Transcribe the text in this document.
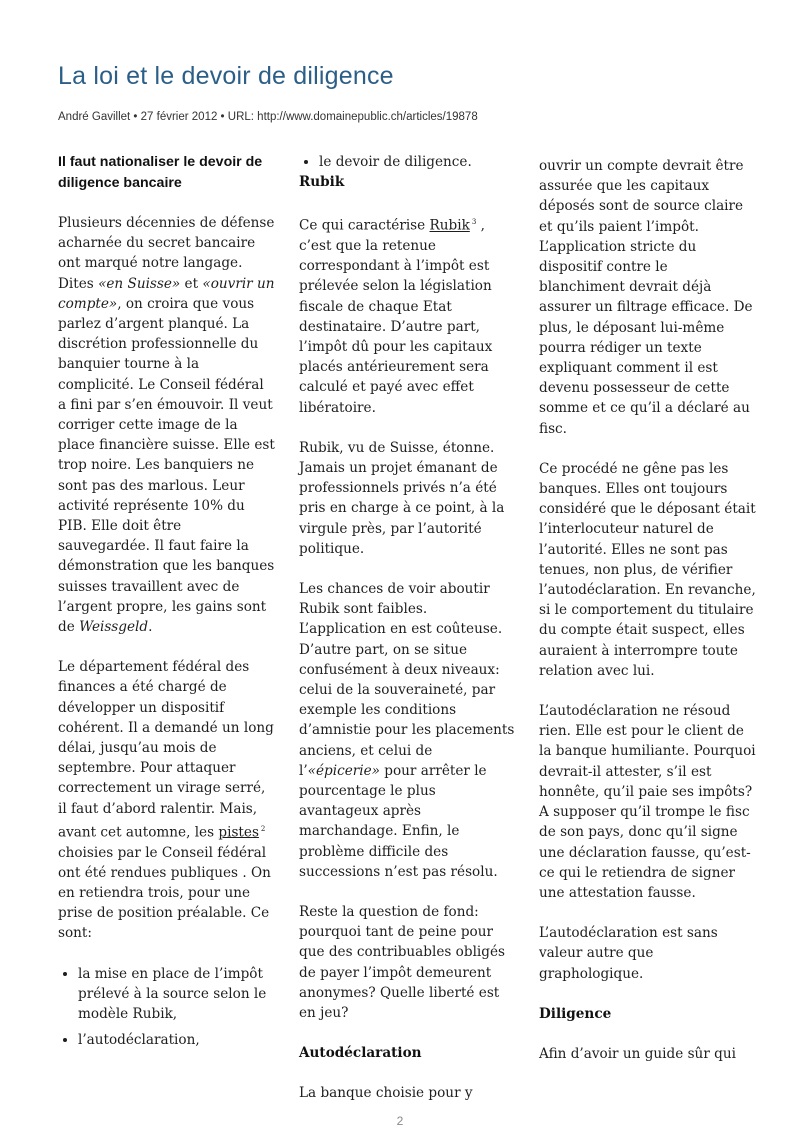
La loi et le devoir de diligence
André Gavillet • 27 février 2012 • URL: http://www.domainepublic.ch/articles/19878
Il faut nationaliser le devoir de diligence bancaire

Plusieurs décennies de défense acharnée du secret bancaire ont marqué notre langage. Dites «en Suisse» et «ouvrir un compte», on croira que vous parlez d’argent planqué. La discrétion professionnelle du banquier tourne à la complicité. Le Conseil fédéral a fini par s’en émouvoir. Il veut corriger cette image de la place financière suisse. Elle est trop noire. Les banquiers ne sont pas des marlous. Leur activité représente 10% du PIB. Elle doit être sauvegardée. Il faut faire la démonstration que les banques suisses travaillent avec de l’argent propre, les gains sont de Weissgeld.

Le département fédéral des finances a été chargé de développer un dispositif cohérent. Il a demandé un long délai, jusqu’au mois de septembre. Pour attaquer correctement un virage serré, il faut d’abord ralentir. Mais, avant cet automne, les pistes $^2$ choisies par le Conseil fédéral ont été rendues publiques . On en retiendra trois, pour une prise de position préalable. Ce sont:

• la mise en place de l’impôt prélevé à la source selon le modèle Rubik,
• l’autodéclaration,
• le devoir de diligence.
Rubik

Ce qui caractérise Rubik $^3$ , c’est que la retenue correspondant à l’impôt est prélevée selon la législation fiscale de chaque Etat destinataire. D’autre part, l’impôt dû pour les capitaux placés antérieurement sera calculé et payé avec effet libératoire.

Rubik, vu de Suisse, étonne. Jamais un projet émanant de professionnels privés n’a été pris en charge à ce point, à la virgule près, par l’autorité politique.

Les chances de voir aboutir Rubik sont faibles. L’application en est coûteuse. D’autre part, on se situe confusément à deux niveaux: celui de la souveraineté, par exemple les conditions d’amnistie pour les placements anciens, et celui de l’«épicerie» pour arrêter le pourcentage le plus avantageux après marchandage. Enfin, le problème difficile des successions n’est pas résolu.

Reste la question de fond: pourquoi tant de peine pour que des contribuables obligés de payer l’impôt demeurent anonymes? Quelle liberté est en jeu?

Autodéclaration

La banque choisie pour y

ouvrir un compte devrait être assurée que les capitaux déposés sont de source claire et qu’ils paient l’impôt. L’application stricte du dispositif contre le blanchiment devrait déjà assurer un filtrage efficace. De plus, le déposant lui-même pourra rédiger un texte expliquant comment il est devenu possesseur de cette somme et ce qu’il a déclaré au fisc.

Ce procédé ne gêne pas les banques. Elles ont toujours considéré que le déposant était l’interlocuteur naturel de l’autorité. Elles ne sont pas tenues, non plus, de vérifier l’autodéclaration. En revanche, si le comportement du titulaire du compte était suspect, elles auraient à interrompre toute relation avec lui.

L’autodéclaration ne résoud rien. Elle est pour le client de la banque humiliante. Pourquoi devrait-il attester, s’il est honnête, qu’il paie ses impôts? A supposer qu’il trompe le fisc de son pays, donc qu’il signe une déclaration fausse, qu’est-ce qui le retiendra de signer une attestation fausse.

L’autodéclaration est sans valeur autre que graphologique.

Diligence

Afin d’avoir un guide sûr qui

2
